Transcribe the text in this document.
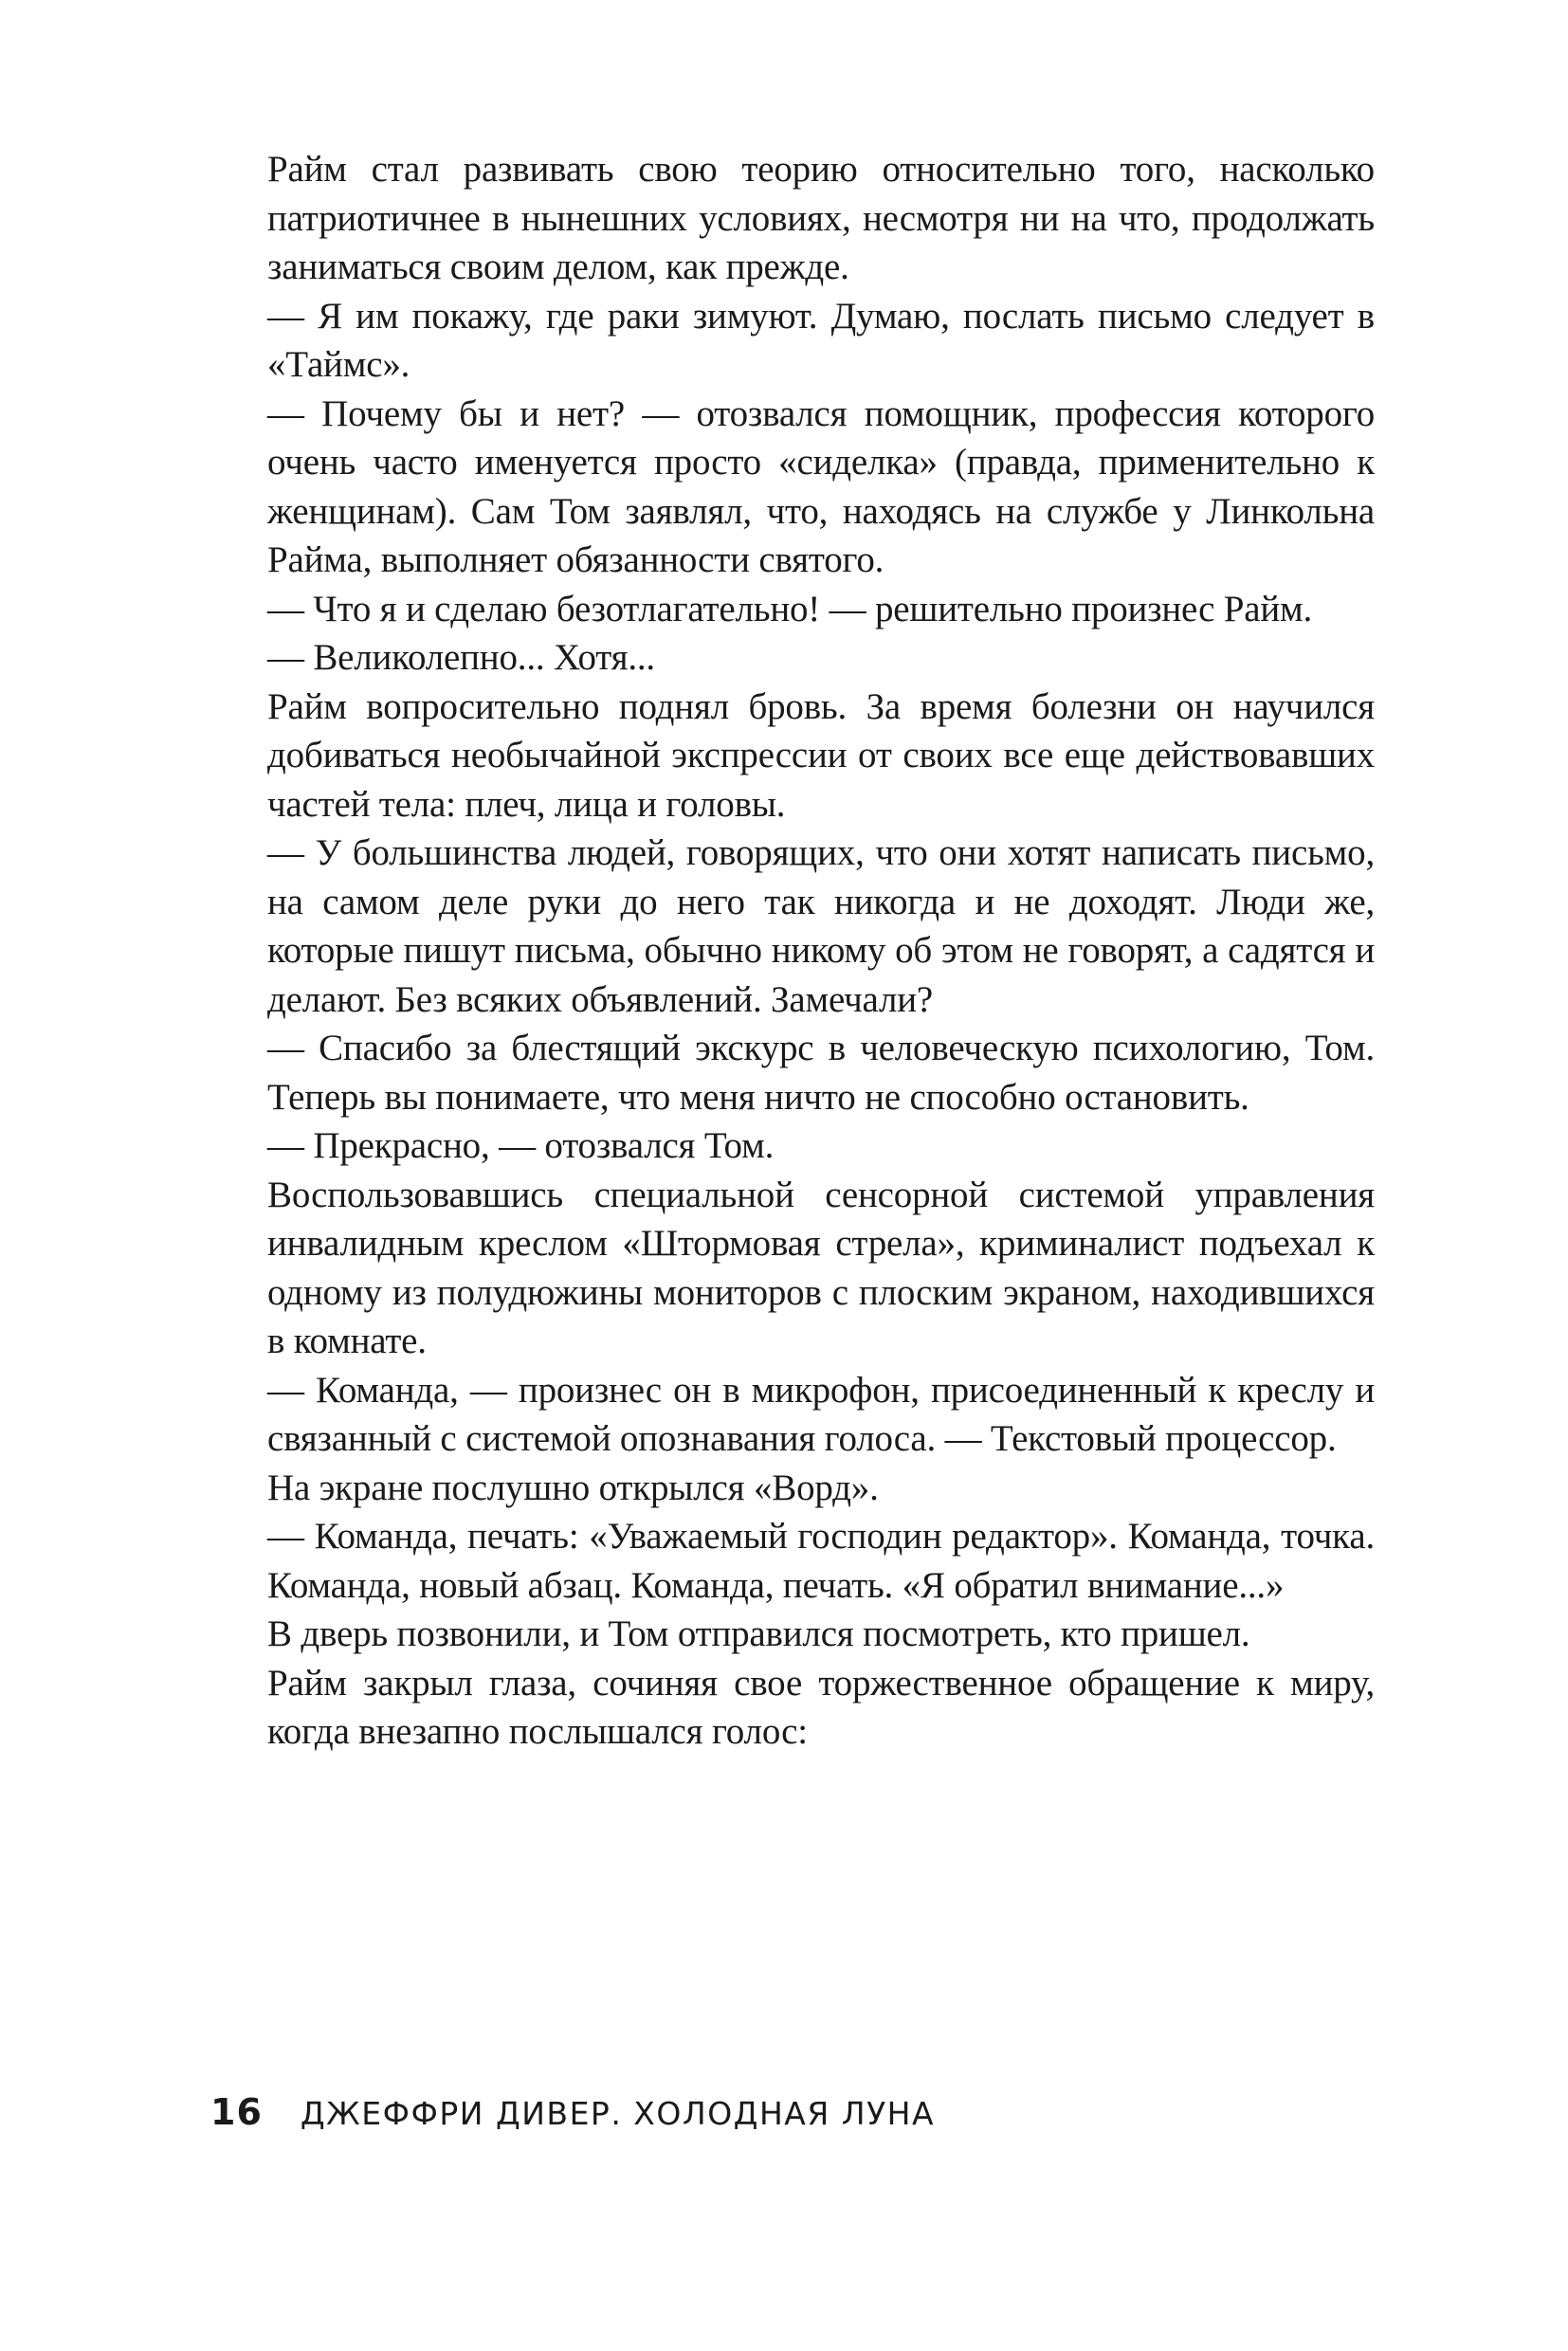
Райм стал развивать свою теорию относительно того, насколько патриотичнее в нынешних условиях, несмотря ни на что, продолжать заниматься своим делом, как прежде.

— Я им покажу, где раки зимуют. Думаю, послать письмо следует в «Таймс».

— Почему бы и нет? — отозвался помощник, профессия которого очень часто именуется просто «сиделка» (правда, применительно к женщинам). Сам Том заявлял, что, находясь на службе у Линкольна Райма, выполняет обязанности святого.

— Что я и сделаю безотлагательно! — решительно произнес Райм.

— Великолепно... Хотя...

Райм вопросительно поднял бровь. За время болезни он научился добиваться необычайной экспрессии от своих все еще действовавших частей тела: плеч, лица и головы.

— У большинства людей, говорящих, что они хотят написать письмо, на самом деле руки до него так никогда и не доходят. Люди же, которые пишут письма, обычно никому об этом не говорят, а садятся и делают. Без всяких объявлений. Замечали?

— Спасибо за блестящий экскурс в человеческую психологию, Том. Теперь вы понимаете, что меня ничто не способно остановить.

— Прекрасно, — отозвался Том.

Воспользовавшись специальной сенсорной системой управления инвалидным креслом «Штормовая стрела», криминалист подъехал к одному из полудюжины мониторов с плоским экраном, находившихся в комнате.

— Команда, — произнес он в микрофон, присоединенный к креслу и связанный с системой опознавания голоса. — Текстовый процессор.

На экране послушно открылся «Ворд».

— Команда, печать: «Уважаемый господин редактор». Команда, точка. Команда, новый абзац. Команда, печать. «Я обратил внимание...»

В дверь позвонили, и Том отправился посмотреть, кто пришел.

Райм закрыл глаза, сочиняя свое торжественное обращение к миру, когда внезапно послышался голос:

16 ДЖЕФФРИ ДИВЕР. ХОЛОДНАЯ ЛУНА
